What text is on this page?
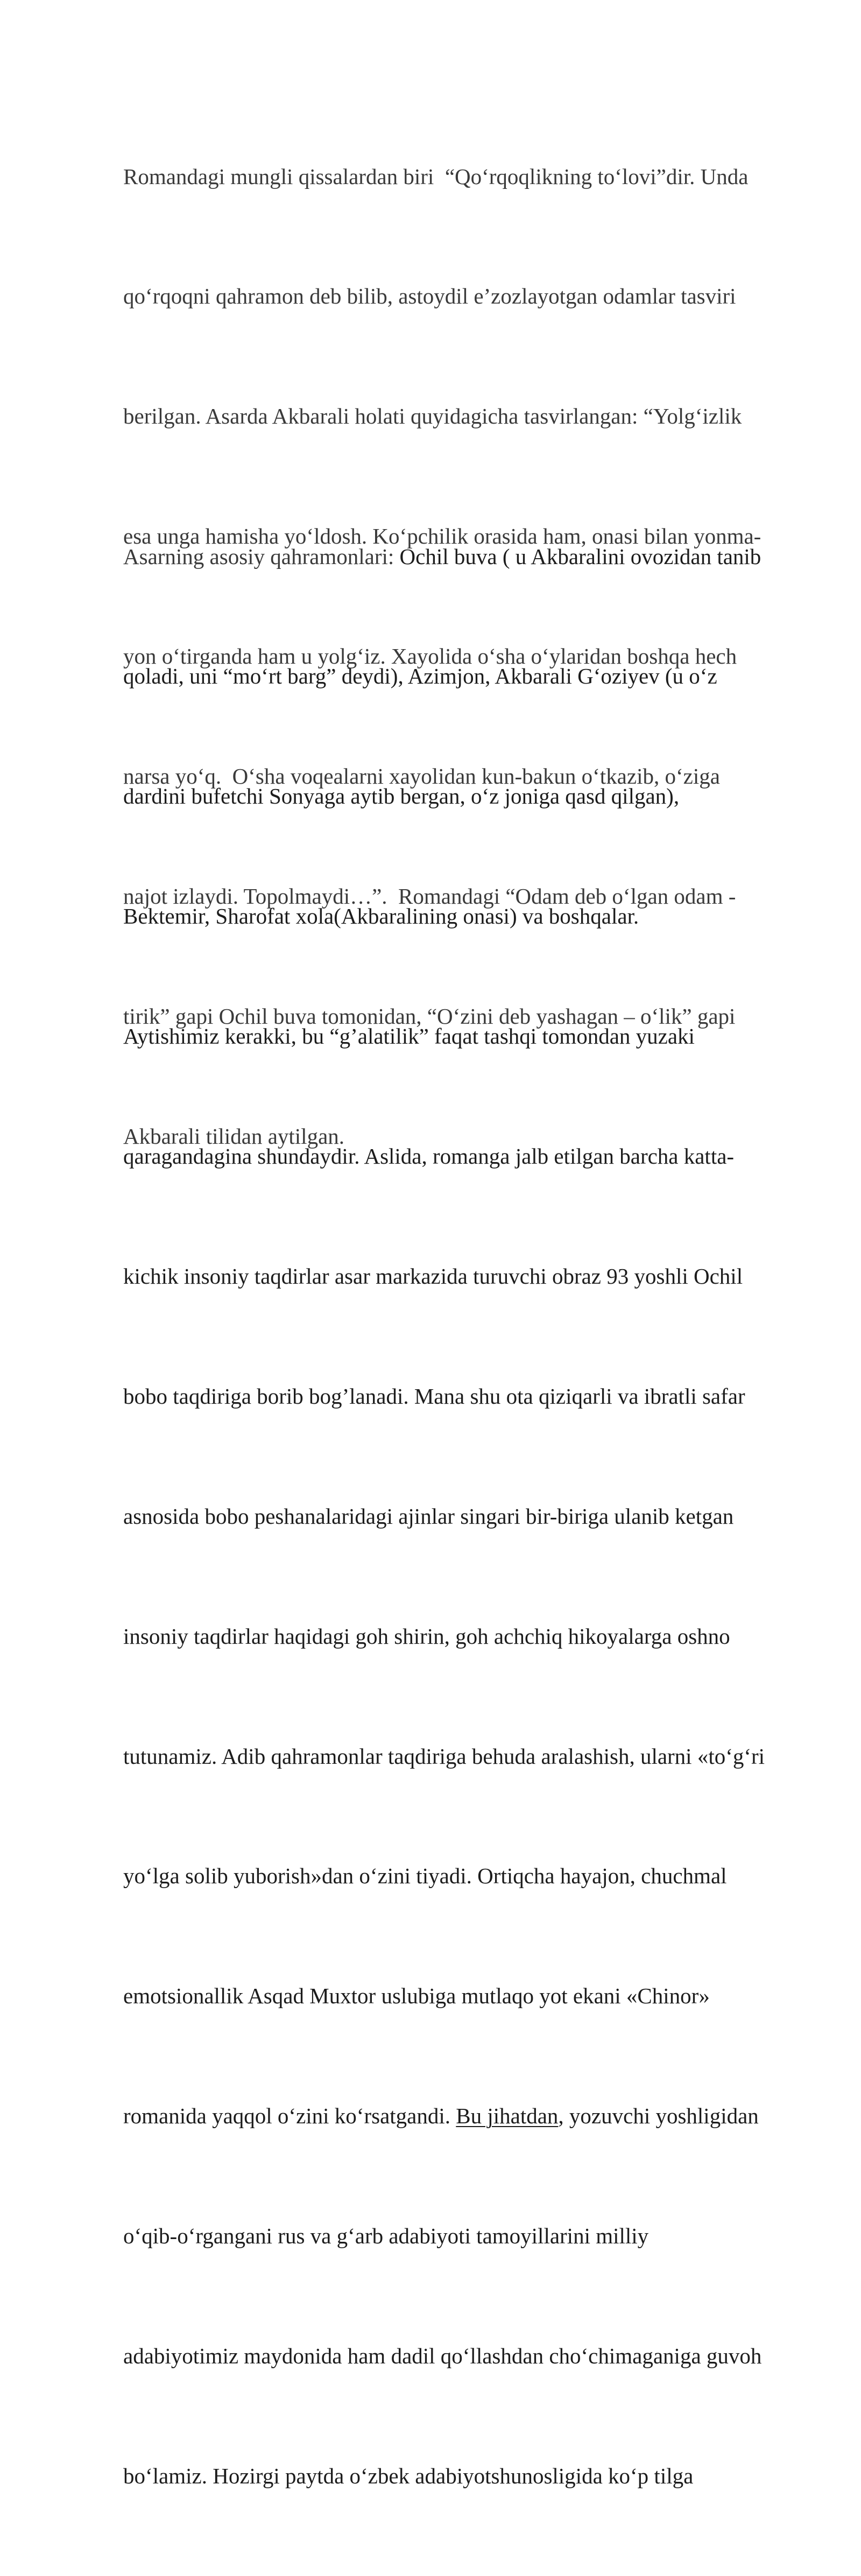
Romandagi mungli qissalardan biri  “Qoʻrqoqlikning toʻlovi”dir. Unda

qoʻrqoqni qahramon deb bilib, astoydil e’zozlayotgan odamlar tasviri

berilgan. Asarda Akbarali holati quyidagicha tasvirlangan: “Yolgʻizlik

esa unga hamisha yoʻldosh. Koʻpchilik orasida ham, onasi bilan yonma-

yon oʻtirganda ham u yolgʻiz. Xayolida oʻsha oʻylaridan boshqa hech

narsa yoʻq.  Oʻsha voqealarni xayolidan kun-bakun oʻtkazib, oʻziga

najot izlaydi. Topolmaydi…”.  Romandagi “Odam deb oʻlgan odam -

tirik” gapi Ochil buva tomonidan, “Oʻzini deb yashagan – oʻlik” gapi

Akbarali tilidan aytilgan.

Asarning asosiy qahramonlari: Ochil buva ( u Akbaralini ovozidan tanib

qoladi, uni “moʻrt barg” deydi), Azimjon, Akbarali Gʻoziyev (u oʻz

dardini bufetchi Sonyaga aytib bergan, oʻz joniga qasd qilgan),

Bektemir, Sharofat xola(Akbaralining onasi) va boshqalar.

Aytishimiz kerakki, bu “g’alatilik” faqat tashqi tomondan yuzaki

qaragandagina shundaydir. Aslida, romanga jalb etilgan barcha katta-

kichik insoniy taqdirlar asar markazida turuvchi obraz 93 yoshli Ochil

bobo taqdiriga borib bog’lanadi. Mana shu ota qiziqarli va ibratli safar

asnosida bobo peshanalaridagi ajinlar singari bir-biriga ulanib ketgan

insoniy taqdirlar haqidagi goh shirin, goh achchiq hikoyalarga oshno

tutunamiz. Adib qahramonlar taqdiriga behuda aralashish, ularni «toʻgʻri

yoʻlga solib yuborish»dan oʻzini tiyadi. Ortiqcha hayajon, chuchmal

emotsionallik Asqad Muxtor uslubiga mutlaqo yot ekani «Chinor»

romanida yaqqol oʻzini koʻrsatgandi. Bu jihatdan, yozuvchi yoshligidan

oʻqib-oʻrgangani rus va gʻarb adabiyoti tamoyillarini milliy

adabiyotimiz maydonida ham dadil qoʻllashdan choʻchimaganiga guvoh

boʻlamiz. Hozirgi paytda oʻzbek adabiyotshunosligida koʻp tilga
